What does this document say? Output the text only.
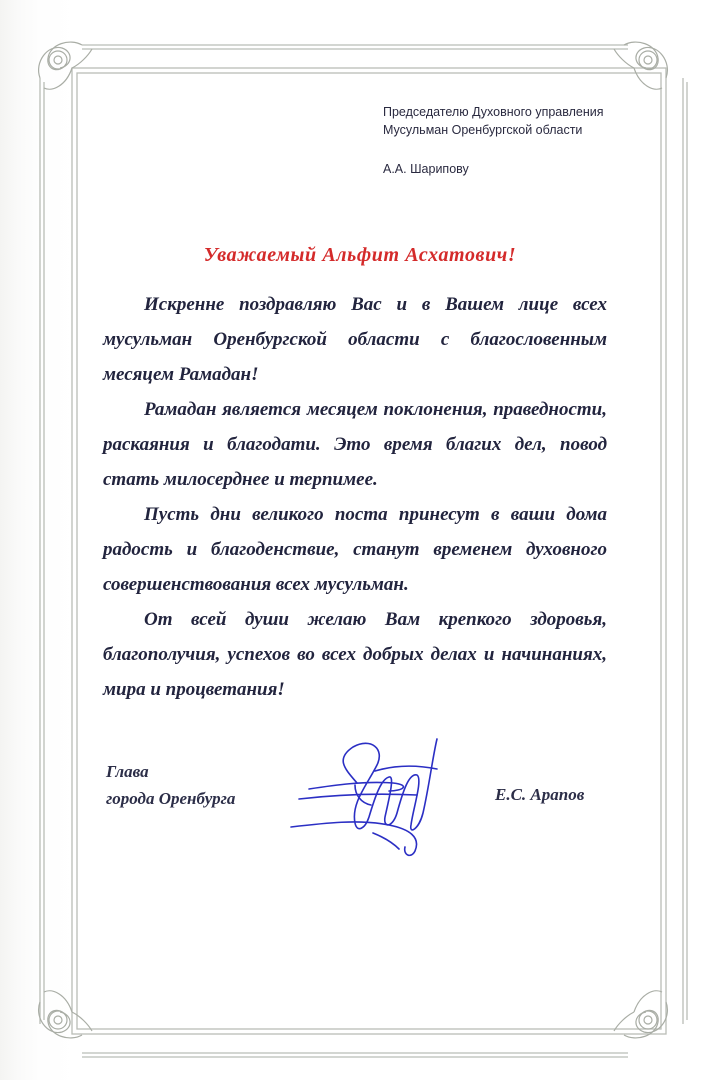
Председателю Духовного управления
Мусульман Оренбургской области
А.А. Шарипову
Уважаемый Альфит Асхатович!

Искренне поздравляю Вас и в Вашем лице всех мусульман Оренбургской области с благословенным месяцем Рамадан!

Рамадан является месяцем поклонения, праведности, раскаяния и благодати. Это время благих дел, повод стать милосерднее и терпимее.

Пусть дни великого поста принесут в ваши дома радость и благоденствие, станут временем духовного совершенствования всех мусульман.

От всей души желаю Вам крепкого здоровья, благополучия, успехов во всех добрых делах и начинаниях, мира и процветания!

Глава
города Оренбурга	Е.С. Арапов
